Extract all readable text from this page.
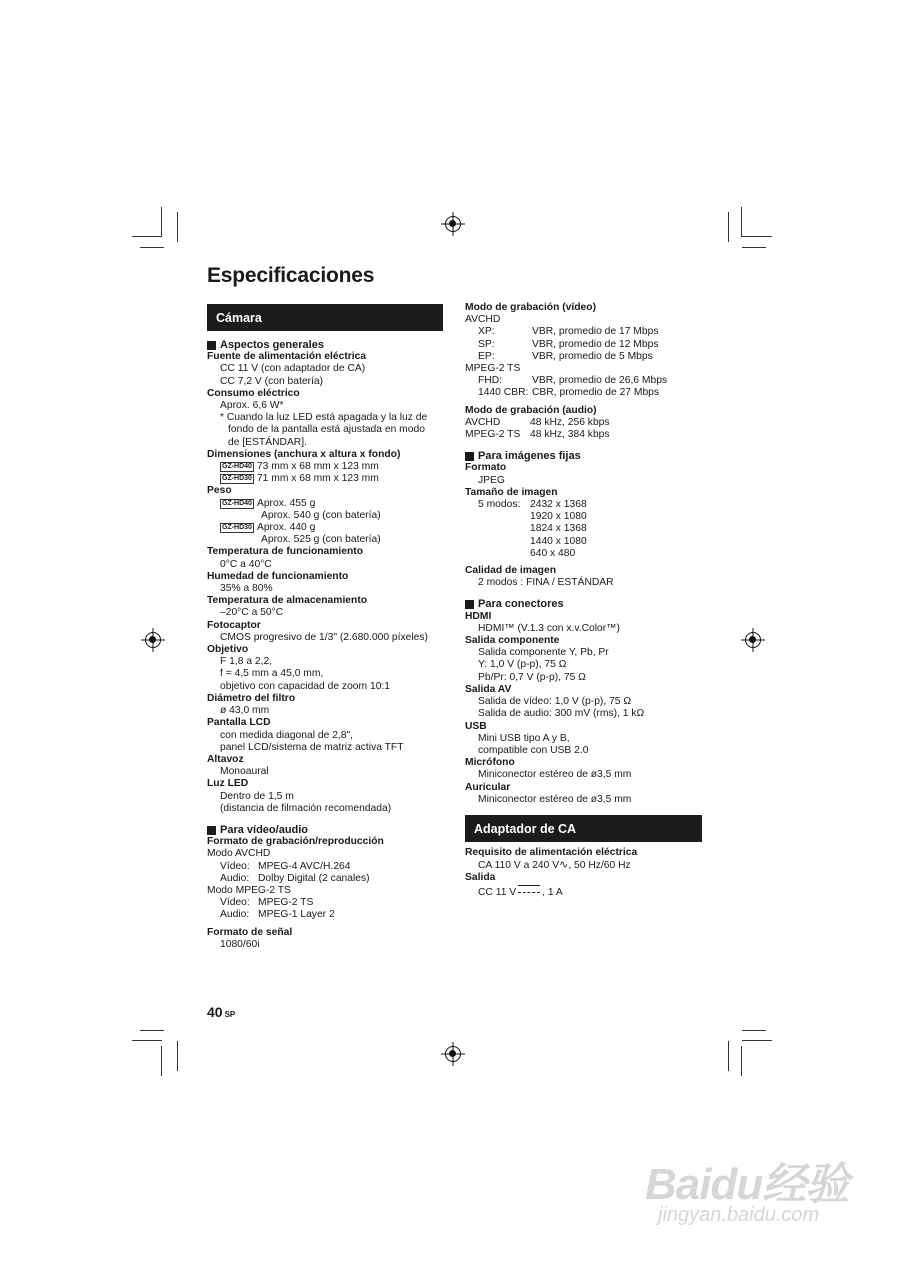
Especificaciones
Cámara
Aspectos generales
Fuente de alimentación eléctrica
CC 11 V (con adaptador de CA)
CC 7,2 V (con batería)
Consumo eléctrico
Aprox. 6,6 W*
* Cuando la luz LED está apagada y la luz de
fondo de la pantalla está ajustada en modo
de [ESTÁNDAR].
Dimensiones (anchura x altura x fondo)
GZ-HD40 73 mm x 68 mm x 123 mm
GZ-HD30 71 mm x 68 mm x 123 mm
Peso
GZ-HD40 Aprox. 455 g
Aprox. 540 g (con batería)
GZ-HD30 Aprox. 440 g
Aprox. 525 g (con batería)
Temperatura de funcionamiento
0°C a 40°C
Humedad de funcionamiento
35% a 80%
Temperatura de almacenamiento
–20°C a 50°C
Fotocaptor
CMOS progresivo de 1/3" (2.680.000 píxeles)
Objetivo
F 1,8 a 2,2,
f = 4,5 mm a 45,0 mm,
objetivo con capacidad de zoom 10:1
Diámetro del filtro
ø 43,0 mm
Pantalla LCD
con medida diagonal de 2,8",
panel LCD/sistema de matriz activa TFT
Altavoz
Monoaural
Luz LED
Dentro de 1,5 m
(distancia de filmación recomendada)
Para vídeo/audio
Formato de grabación/reproducción
Modo AVCHD
Vídeo: MPEG-4 AVC/H.264
Audio: Dolby Digital (2 canales)
Modo MPEG-2 TS
Vídeo: MPEG-2 TS
Audio: MPEG-1 Layer 2
Formato de señal
1080/60i
Modo de grabación (vídeo)
AVCHD
XP:	VBR, promedio de 17 Mbps
SP:	VBR, promedio de 12 Mbps
EP:	VBR, promedio de 5 Mbps
MPEG-2 TS
FHD:	VBR, promedio de 26,6 Mbps
1440 CBR: CBR, promedio de 27 Mbps
Modo de grabación (audio)
AVCHD	48 kHz, 256 kbps
MPEG-2 TS 48 kHz, 384 kbps
Para imágenes fijas
Formato
JPEG
Tamaño de imagen
5 modos: 2432 x 1368
1920 x 1080
1824 x 1368
1440 x 1080
640 x 480
Calidad de imagen
2 modos : FINA / ESTÁNDAR
Para conectores
HDMI
HDMI™ (V.1.3 con x.v.Color™)
Salida componente
Salida componente Y, Pb, Pr
Y: 1,0 V (p-p), 75 Ω
Pb/Pr: 0,7 V (p-p), 75 Ω
Salida AV
Salida de vídeo: 1,0 V (p-p), 75 Ω
Salida de audio: 300 mV (rms), 1 kΩ
USB
Mini USB tipo A y B,
compatible con USB 2.0
Micrófono
Miniconector estéreo de ø3,5 mm
Auricular
Miniconector estéreo de ø3,5 mm
Adaptador de CA
Requisito de alimentación eléctrica
CA 110 V a 240 V∿, 50 Hz/60 Hz
Salida
CC 11 V	, 1 A
40 SP
Baidu经验
jingyan.baidu.com
